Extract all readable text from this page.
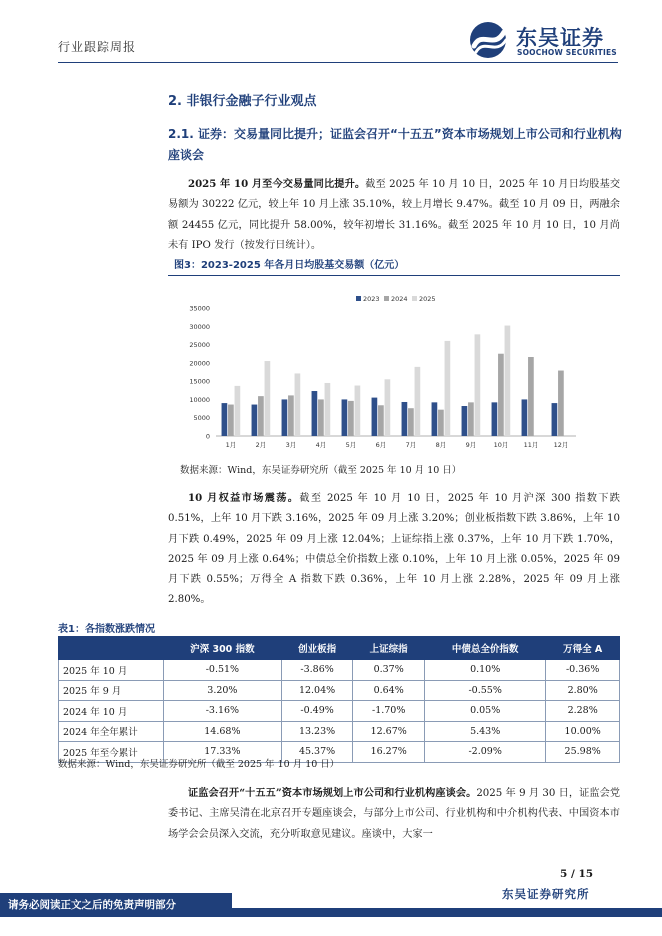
行业跟踪周报	东吴证券
SOOCHOW SECURITIES
2. 非银行金融子行业观点
2.1. 证券：交易量同比提升；证监会召开“十五五”资本市场规划上市公司和行业机构座谈会
2025 年 10 月至今交易量同比提升。截至 2025 年 10 月 10 日，2025 年 10 月日均股基交易额为 30222 亿元，较上年 10 月上涨 35.10%，较上月增长 9.47%。截至 10 月 09 日，两融余额 24455 亿元，同比提升 58.00%，较年初增长 31.16%。截至 2025 年 10 月 10 日，10 月尚未有 IPO 发行（按发行日统计）。
图3：2023-2025 年各月日均股基交易额（亿元）
0
5000
10000
15000
20000
25000
30000
35000
1月	2月	3月	4月	5月	6月	7月	8月	9月	10月 11月 12月
2023 2024 2025
数据来源：Wind，东吴证券研究所（截至 2025 年 10 月 10 日）
10 月权益市场震荡。截至 2025 年 10 月 10 日，2025 年 10 月沪深 300 指数下跌 0.51%，上年 10 月下跌 3.16%，2025 年 09 月上涨 3.20%；创业板指数下跌 3.86%，上年 10 月下跌 0.49%，2025 年 09 月上涨 12.04%；上证综指上涨 0.37%，上年 10 月下跌 1.70%，2025 年 09 月上涨 0.64%；中债总全价指数上涨 0.10%，上年 10 月上涨 0.05%，2025 年 09 月下跌 0.55%；万得全 A 指数下跌 0.36%，上年 10 月上涨 2.28%，2025 年 09 月上涨 2.80%。
表1：各指数涨跌情况
	沪深 300 指数	创业板指	上证综指	中债总全价指数	万得全 A
2025 年 10 月	-0.51%	-3.86%	0.37%	0.10%	-0.36%
2025 年 9 月	3.20%	12.04%	0.64%	-0.55%	2.80%
2024 年 10 月	-3.16%	-0.49%	-1.70%	0.05%	2.28%
2024 年全年累计	14.68%	13.23%	12.67%	5.43%	10.00%
2025 年至今累计	17.33%	45.37%	16.27%	-2.09%	25.98%
数据来源：Wind，东吴证券研究所（截至 2025 年 10 月 10 日）
证监会召开“十五五”资本市场规划上市公司和行业机构座谈会。2025 年 9 月 30 日，证监会党委书记、主席吴清在北京召开专题座谈会，与部分上市公司、行业机构和中介机构代表、中国资本市场学会会员深入交流，充分听取意见建议。座谈中，大家一
5 / 15
东吴证券研究所
请务必阅读正文之后的免责声明部分
